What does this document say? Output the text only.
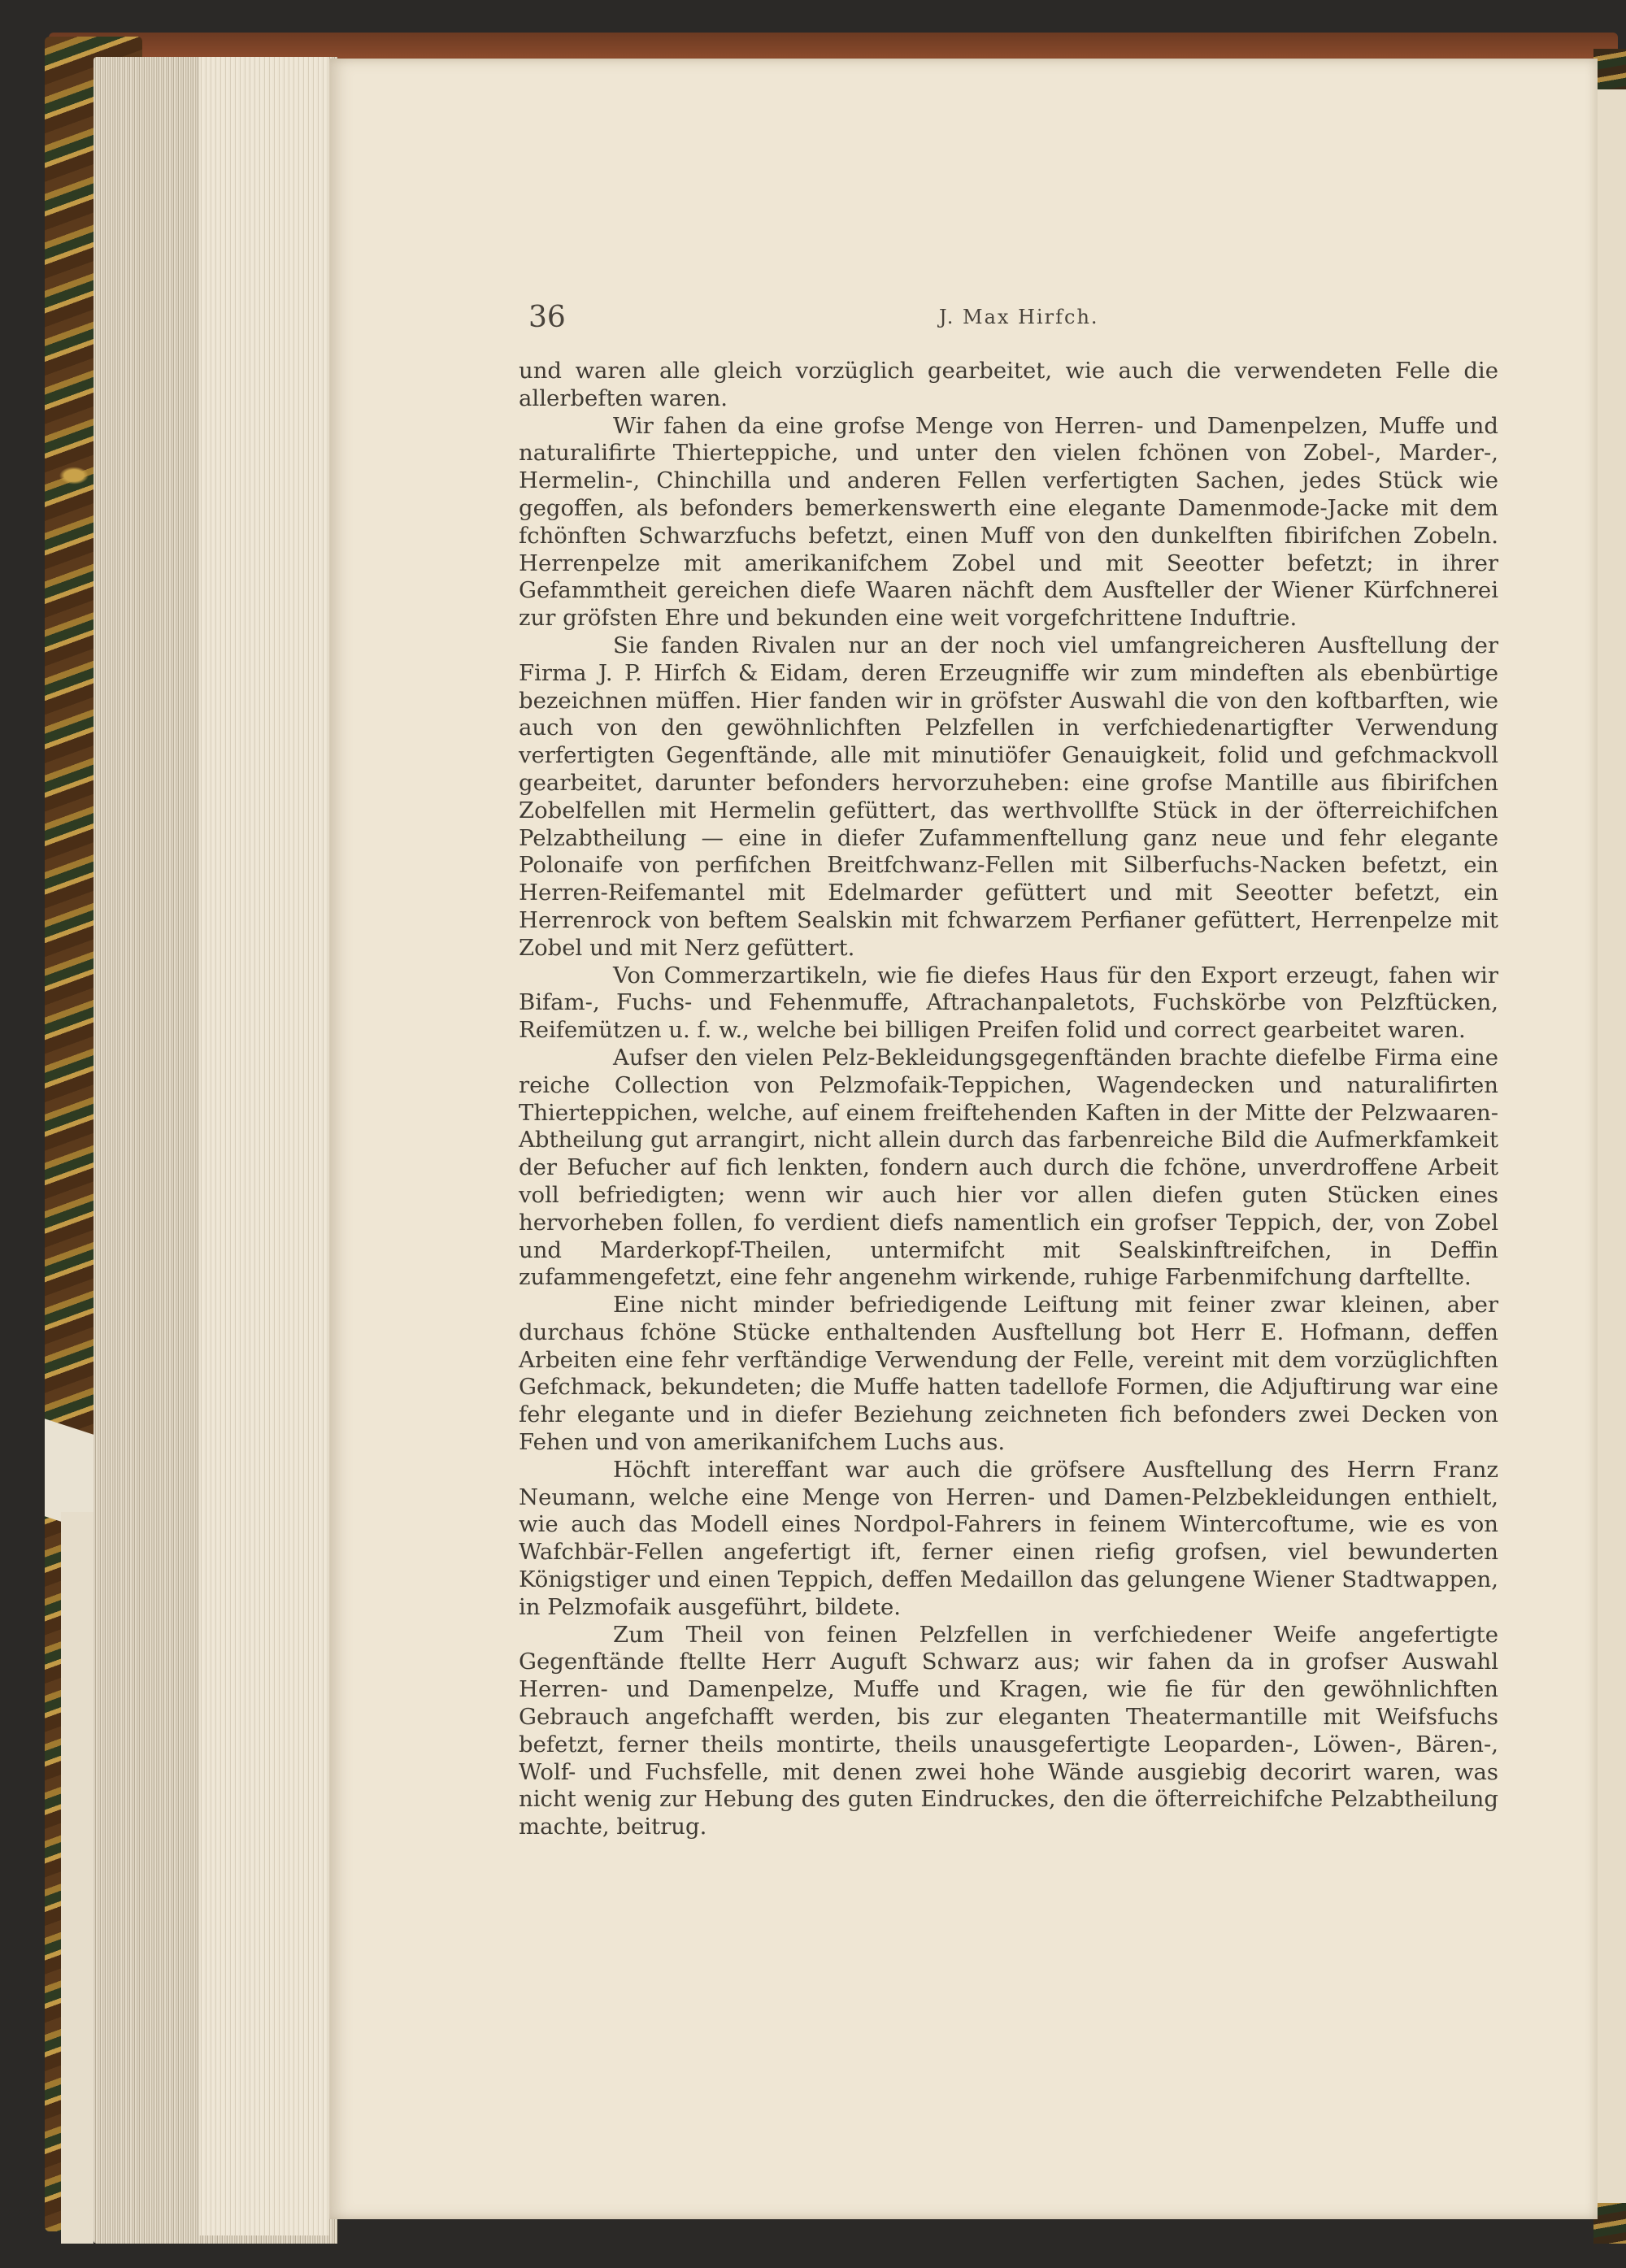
36	J. Max Hirfch.

und waren alle gleich vorzüglich gearbeitet, wie auch die verwendeten Felle die allerbeften waren.

Wir fahen da eine grofse Menge von Herren- und Damenpelzen, Muffe und naturalifirte Thierteppiche, und unter den vielen fchönen von Zobel-, Marder-, Hermelin-, Chinchilla und anderen Fellen verfertigten Sachen, jedes Stück wie gegoffen, als befonders bemerkenswerth eine elegante Damenmode-Jacke mit dem fchönften Schwarzfuchs befetzt, einen Muff von den dunkelften fibirifchen Zobeln. Herrenpelze mit amerikanifchem Zobel und mit Seeotter befetzt; in ihrer Gefammtheit gereichen diefe Waaren nächft dem Ausfteller der Wiener Kürfchnerei zur gröfsten Ehre und bekunden eine weit vorgefchrittene Induftrie.

Sie fanden Rivalen nur an der noch viel umfangreicheren Ausftellung der Firma J. P. Hirfch & Eidam, deren Erzeugniffe wir zum mindeften als ebenbürtige bezeichnen müffen. Hier fanden wir in gröfster Auswahl die von den koftbarften, wie auch von den gewöhnlichften Pelzfellen in verfchiedenartigfter Verwendung verfertigten Gegenftände, alle mit minutiöfer Genauigkeit, folid und gefchmackvoll gearbeitet, darunter befonders hervorzuheben: eine grofse Mantille aus fibirifchen Zobelfellen mit Hermelin gefüttert, das werthvollfte Stück in der öfterreichifchen Pelzabtheilung — eine in diefer Zufammenftellung ganz neue und fehr elegante Polonaife von perfifchen Breitfchwanz-Fellen mit Silberfuchs-Nacken befetzt, ein Herren-Reifemantel mit Edelmarder gefüttert und mit Seeotter befetzt, ein Herrenrock von beftem Sealskin mit fchwarzem Perfianer gefüttert, Herrenpelze mit Zobel und mit Nerz gefüttert.

Von Commerzartikeln, wie fie diefes Haus für den Export erzeugt, fahen wir Bifam-, Fuchs- und Fehenmuffe, Aftrachanpaletots, Fuchskörbe von Pelzftücken, Reifemützen u. f. w., welche bei billigen Preifen folid und correct gearbeitet waren.

Aufser den vielen Pelz-Bekleidungsgegenftänden brachte diefelbe Firma eine reiche Collection von Pelzmofaik-Teppichen, Wagendecken und naturalifirten Thierteppichen, welche, auf einem freiftehenden Kaften in der Mitte der Pelzwaaren-Abtheilung gut arrangirt, nicht allein durch das farbenreiche Bild die Aufmerkfamkeit der Befucher auf fich lenkten, fondern auch durch die fchöne, unverdroffene Arbeit voll befriedigten; wenn wir auch hier vor allen diefen guten Stücken eines hervorheben follen, fo verdient diefs namentlich ein grofser Teppich, der, von Zobel und Marderkopf-Theilen, untermifcht mit Sealskinftreifchen, in Deffin zufammengefetzt, eine fehr angenehm wirkende, ruhige Farbenmifchung darftellte.

Eine nicht minder befriedigende Leiftung mit feiner zwar kleinen, aber durchaus fchöne Stücke enthaltenden Ausftellung bot Herr E. Hofmann, deffen Arbeiten eine fehr verftändige Verwendung der Felle, vereint mit dem vorzüglichften Gefchmack, bekundeten; die Muffe hatten tadellofe Formen, die Adjuftirung war eine fehr elegante und in diefer Beziehung zeichneten fich befonders zwei Decken von Fehen und von amerikanifchem Luchs aus.

Höchft intereffant war auch die gröfsere Ausftellung des Herrn Franz Neumann, welche eine Menge von Herren- und Damen-Pelzbekleidungen enthielt, wie auch das Modell eines Nordpol-Fahrers in feinem Wintercoftume, wie es von Wafchbär-Fellen angefertigt ift, ferner einen riefig grofsen, viel bewunderten Königstiger und einen Teppich, deffen Medaillon das gelungene Wiener Stadtwappen, in Pelzmofaik ausgeführt, bildete.

Zum Theil von feinen Pelzfellen in verfchiedener Weife angefertigte Gegenftände ftellte Herr Auguft Schwarz aus; wir fahen da in grofser Auswahl Herren- und Damenpelze, Muffe und Kragen, wie fie für den gewöhnlichften Gebrauch angefchafft werden, bis zur eleganten Theatermantille mit Weifsfuchs befetzt, ferner theils montirte, theils unausgefertigte Leoparden-, Löwen-, Bären-, Wolf- und Fuchsfelle, mit denen zwei hohe Wände ausgiebig decorirt waren, was nicht wenig zur Hebung des guten Eindruckes, den die öfterreichifche Pelzabtheilung machte, beitrug.
